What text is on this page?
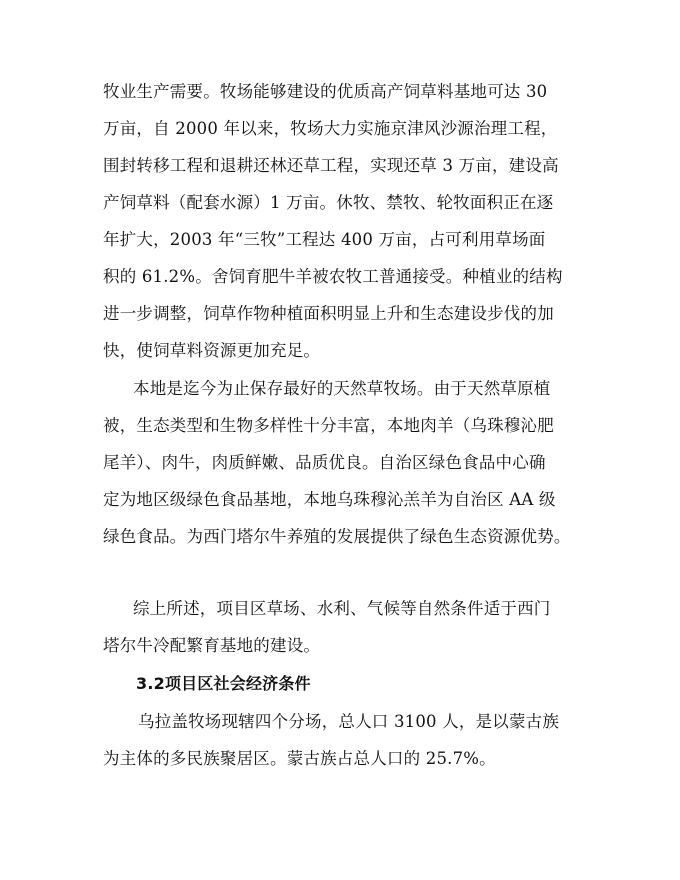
牧业生产需要。牧场能够建设的优质高产饲草料基地可达 30
万亩，自 2000 年以来，牧场大力实施京津风沙源治理工程，
围封转移工程和退耕还林还草工程，实现还草 3 万亩，建设高
产饲草料（配套水源）1 万亩。休牧、禁牧、轮牧面积正在逐
年扩大，2003 年“三牧”工程达 400 万亩，占可利用草场面
积的 61.2%。舍饲育肥牛羊被农牧工普通接受。种植业的结构
进一步调整，饲草作物种植面积明显上升和生态建设步伐的加
快，使饲草料资源更加充足。
本地是迄今为止保存最好的天然草牧场。由于天然草原植
被，生态类型和生物多样性十分丰富，本地肉羊（乌珠穆沁肥
尾羊）、肉牛，肉质鲜嫩、品质优良。自治区绿色食品中心确
定为地区级绿色食品基地，本地乌珠穆沁羔羊为自治区 AA 级
绿色食品。为西门塔尔牛养殖的发展提供了绿色生态资源优势。
综上所述，项目区草场、水利、气候等自然条件适于西门
塔尔牛冷配繁育基地的建设。
3.2项目区社会经济条件
乌拉盖牧场现辖四个分场，总人口 3100 人，是以蒙古族
为主体的多民族聚居区。蒙古族占总人口的 25.7%。
